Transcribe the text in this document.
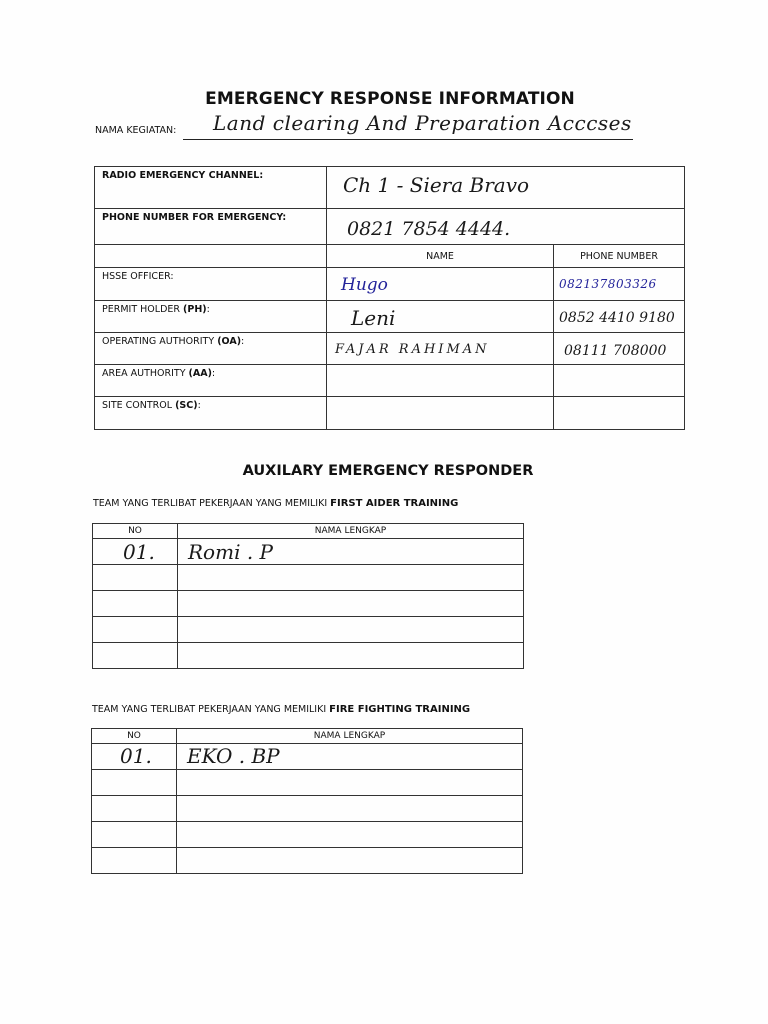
EMERGENCY RESPONSE INFORMATION
NAMA KEGIATAN: Land clearing And Preparation Acccses
RADIO EMERGENCY CHANNEL:	Ch 1 - Siera Bravo	

PHONE NUMBER FOR EMERGENCY:	0821 7854 4444.	

	NAME	PHONE NUMBER
HSSE OFFICER:	Hugo	082137803326

PERMIT HOLDER (PH):	Leni	0852 4410 9180

OPERATING AUTHORITY (OA):	FAJAR RAHIMAN	08111 708000

AREA AUTHORITY (AA):	

SITE CONTROL (SC):	

AUXILARY EMERGENCY RESPONDER
TEAM YANG TERLIBAT PEKERJAAN YANG MEMILIKI FIRST AIDER TRAINING
NO	NAMA LENGKAP

01.	Romi . P

TEAM YANG TERLIBAT PEKERJAAN YANG MEMILIKI FIRE FIGHTING TRAINING
NO	NAMA LENGKAP

01.	EKO . BP
